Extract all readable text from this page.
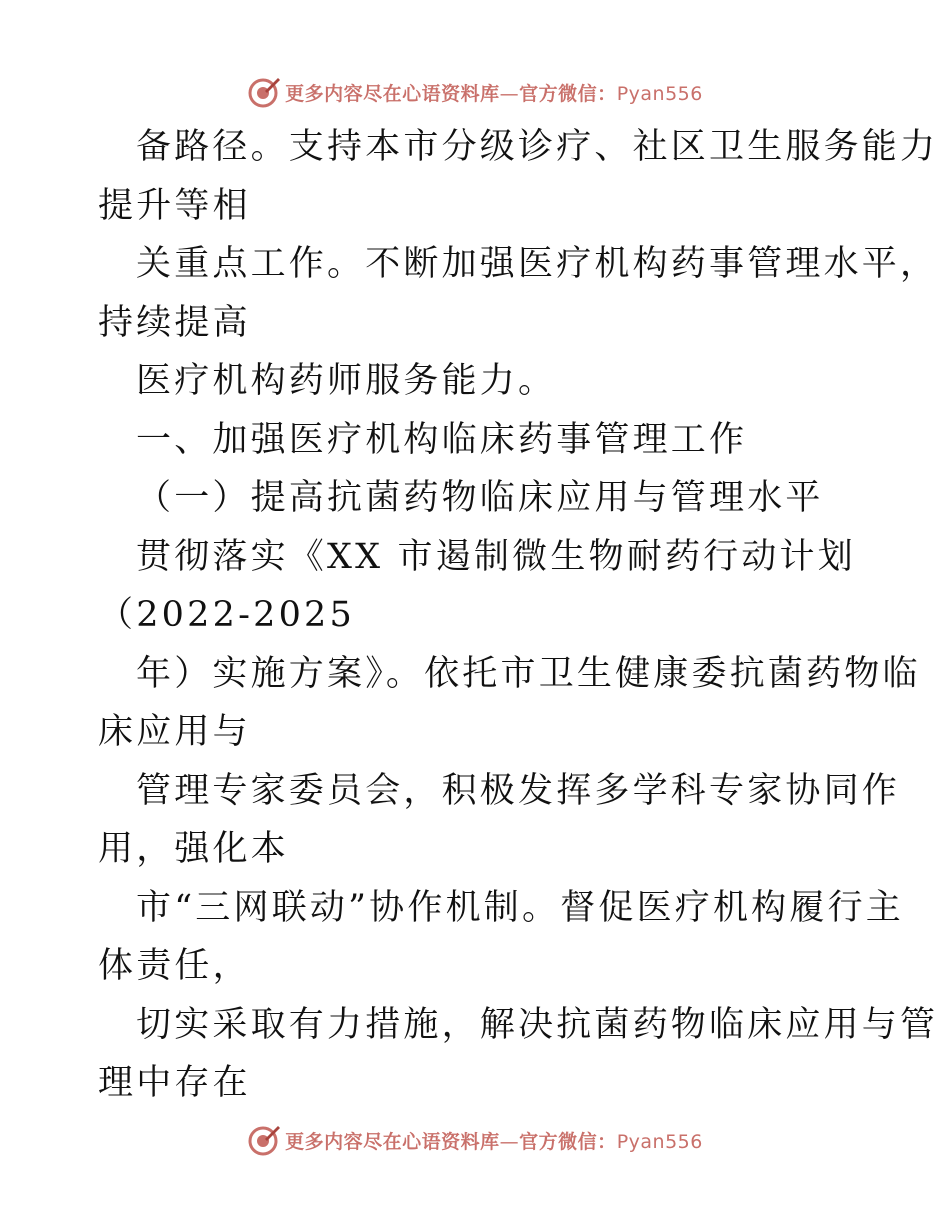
更多内容尽在心语资料库—官方微信：Pyan556
备路径。支持本市分级诊疗、社区卫生服务能力
提升等相
关重点工作。不断加强医疗机构药事管理水平，
持续提高
医疗机构药师服务能力。
一、加强医疗机构临床药事管理工作
（一）提高抗菌药物临床应用与管理水平
贯彻落实《XX 市遏制微生物耐药行动计划
（2022-2025
年）实施方案》。依托市卫生健康委抗菌药物临
床应用与
管理专家委员会，积极发挥多学科专家协同作
用，强化本
市“三网联动”协作机制。督促医疗机构履行主
体责任，
切实采取有力措施，解决抗菌药物临床应用与管
理中存在
更多内容尽在心语资料库—官方微信：Pyan556
